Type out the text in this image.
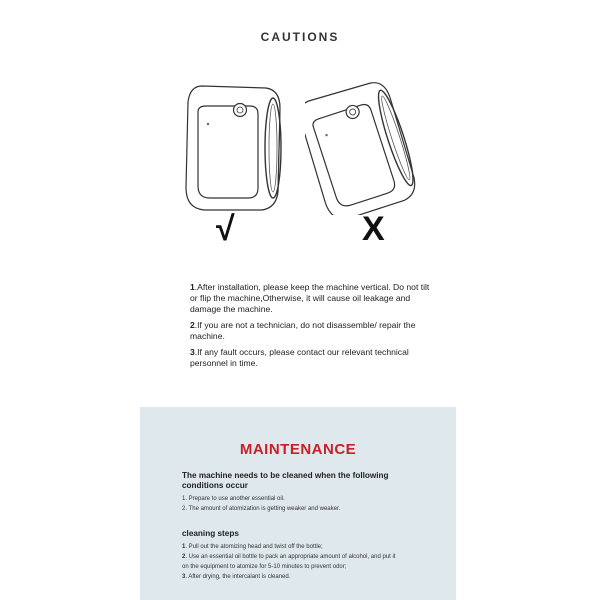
CAUTIONS
√	X

1.After installation, please keep the machine vertical. Do not tilt or flip the machine,Otherwise, it will cause oil leakage and damage the machine.

2.If you are not a technician, do not disassemble/ repair the machine.

3.If any fault occurs, please contact our relevant technical personnel in time.

MAINTENANCE
The machine needs to be cleaned when the following conditions occur
1. Prepare to use another essential oil.
2. The amount of atomization is getting weaker and weaker.
cleaning steps
1. Pull out the atomizing head and twist off the bottle;
2. Use an essential oil bottle to pack an appropriate amount of alcohol, and put it on the equipment to atomize for 5-10 minutes to prevent odor;
3. After drying, the intercalant is cleaned.
